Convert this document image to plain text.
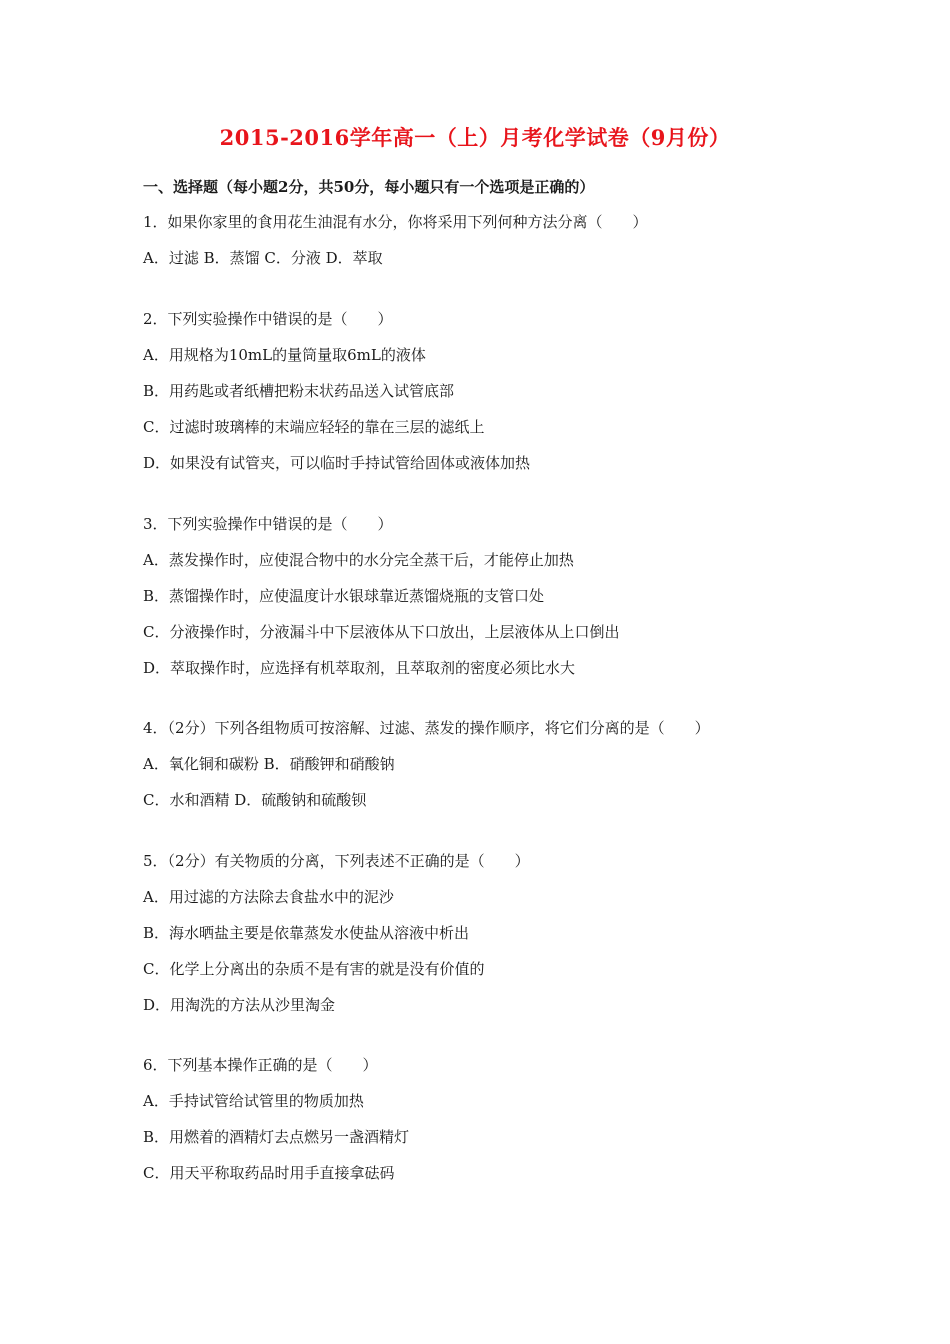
2015-2016学年高一（上）月考化学试卷（9月份）
一、选择题（每小题2分，共50分，每小题只有一个选项是正确的）
1．如果你家里的食用花生油混有水分，你将采用下列何种方法分离（　　）
A．过滤 B．蒸馏 C．分液 D．萃取
2．下列实验操作中错误的是（　　）
A．用规格为10mL的量筒量取6mL的液体
B．用药匙或者纸槽把粉末状药品送入试管底部
C．过滤时玻璃棒的末端应轻轻的靠在三层的滤纸上
D．如果没有试管夹，可以临时手持试管给固体或液体加热
3．下列实验操作中错误的是（　　）
A．蒸发操作时，应使混合物中的水分完全蒸干后，才能停止加热
B．蒸馏操作时，应使温度计水银球靠近蒸馏烧瓶的支管口处
C．分液操作时，分液漏斗中下层液体从下口放出，上层液体从上口倒出
D．萃取操作时，应选择有机萃取剂，且萃取剂的密度必须比水大
4．（2分）下列各组物质可按溶解、过滤、蒸发的操作顺序，将它们分离的是（　　）
A．氧化铜和碳粉 B．硝酸钾和硝酸钠
C．水和酒精 D．硫酸钠和硫酸钡
5．（2分）有关物质的分离，下列表述不正确的是（　　）
A．用过滤的方法除去食盐水中的泥沙
B．海水晒盐主要是依靠蒸发水使盐从溶液中析出
C．化学上分离出的杂质不是有害的就是没有价值的
D．用淘洗的方法从沙里淘金
6．下列基本操作正确的是（　　）
A．手持试管给试管里的物质加热
B．用燃着的酒精灯去点燃另一盏酒精灯
C．用天平称取药品时用手直接拿砝码
